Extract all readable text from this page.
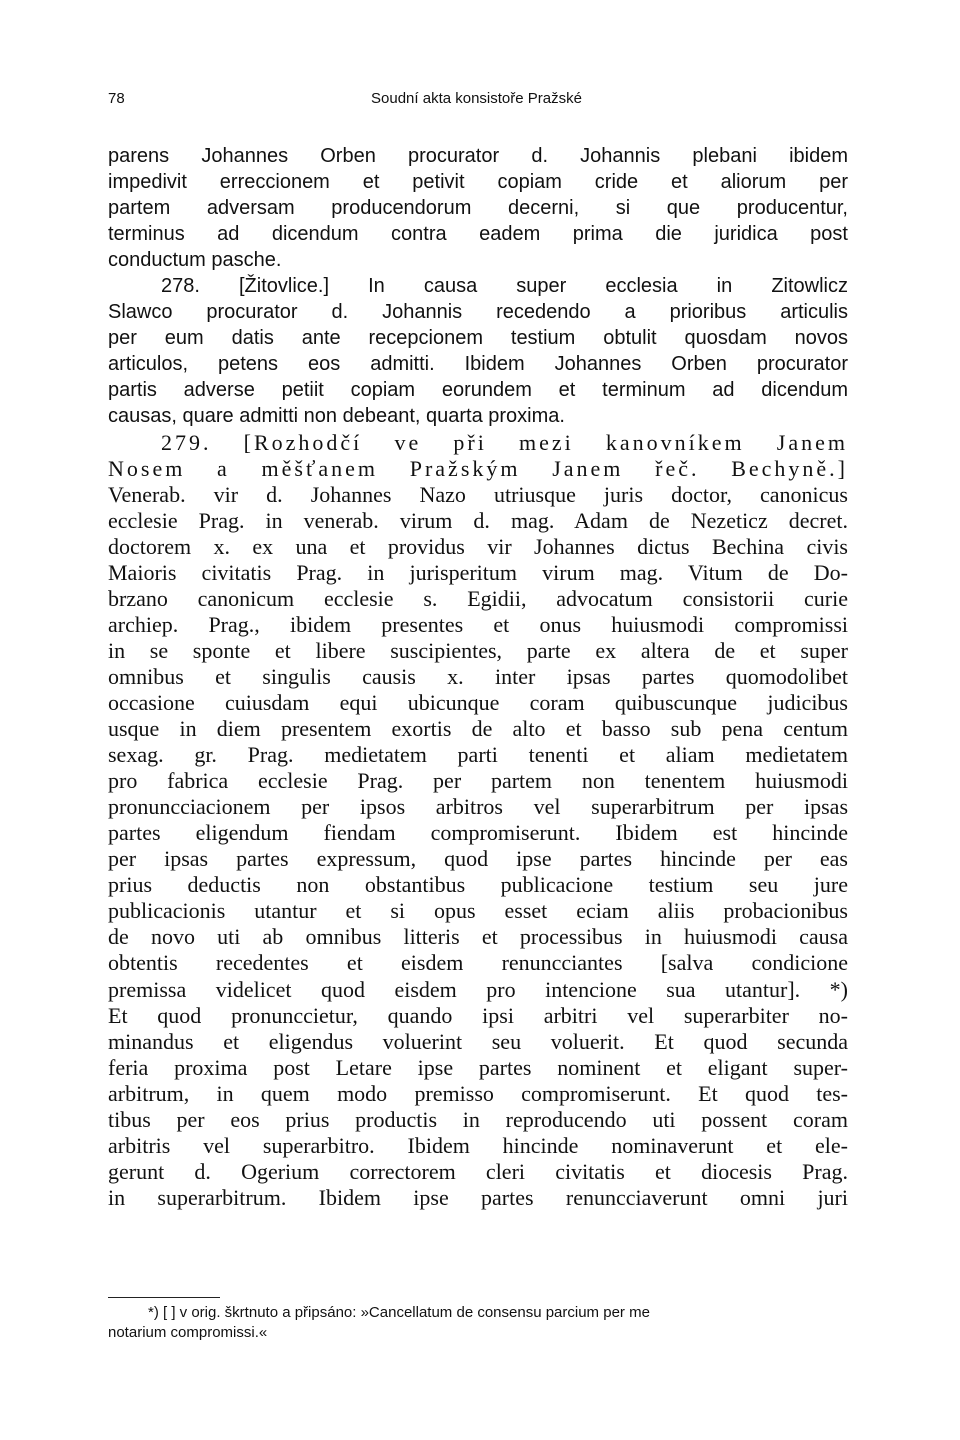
78	Soudní akta konsistoře Pražské
parens Johannes Orben procurator d. Johannis plebani ibidem
impedivit erreccionem et petivit copiam cride et aliorum per
partem adversam producendorum decerni, si que producentur,
terminus ad dicendum contra eadem prima die juridica post
conductum pasche.
278. [Žitovlice.] In causa super ecclesia in Zitowlicz
Slawco procurator d. Johannis recedendo a prioribus articulis
per eum datis ante recepcionem testium obtulit quosdam novos
articulos, petens eos admitti. Ibidem Johannes Orben procurator
partis adverse petiit copiam eorundem et terminum ad dicendum
causas, quare admitti non debeant, quarta proxima.
279. [Rozhodčí ve při mezi kanovníkem Janem
Nosem a měšťanem Pražským Janem řeč. Bechyně.]
Venerab. vir d. Johannes Nazo utriusque juris doctor, canonicus
ecclesie Prag. in venerab. virum d. mag. Adam de Nezeticz decret.
doctorem x. ex una et providus vir Johannes dictus Bechina civis
Maioris civitatis Prag. in jurisperitum virum mag. Vitum de Do-
brzano canonicum ecclesie s. Egidii, advocatum consistorii curie
archiep. Prag., ibidem presentes et onus huiusmodi compromissi
in se sponte et libere suscipientes, parte ex altera de et super
omnibus et singulis causis x. inter ipsas partes quomodolibet
occasione cuiusdam equi ubicunque coram quibuscunque judicibus
usque in diem presentem exortis de alto et basso sub pena centum
sexag. gr. Prag. medietatem parti tenenti et aliam medietatem
pro fabrica ecclesie Prag. per partem non tenentem huiusmodi
pronuncciacionem per ipsos arbitros vel superarbitrum per ipsas
partes eligendum fiendam compromiserunt. Ibidem est hincinde
per ipsas partes expressum, quod ipse partes hincinde per eas
prius deductis non obstantibus publicacione testium seu jure
publicacionis utantur et si opus esset eciam aliis probacionibus
de novo uti ab omnibus litteris et processibus in huiusmodi causa
obtentis recedentes et eisdem renuncciantes [salva condicione
premissa videlicet quod eisdem pro intencione sua utantur]. *)
Et quod pronunccietur, quando ipsi arbitri vel superarbiter no-
minandus et eligendus voluerint seu voluerit. Et quod secunda
feria proxima post Letare ipse partes nominent et eligant super-
arbitrum, in quem modo premisso compromiserunt. Et quod tes-
tibus per eos prius productis in reproducendo uti possent coram
arbitris vel superarbitro. Ibidem hincinde nominaverunt et ele-
gerunt d. Ogerium correctorem cleri civitatis et diocesis Prag.
in superarbitrum. Ibidem ipse partes renuncciaverunt omni juri
*) [ ] v orig. škrtnuto a připsáno: »Cancellatum de consensu parcium per me
notarium compromissi.«
